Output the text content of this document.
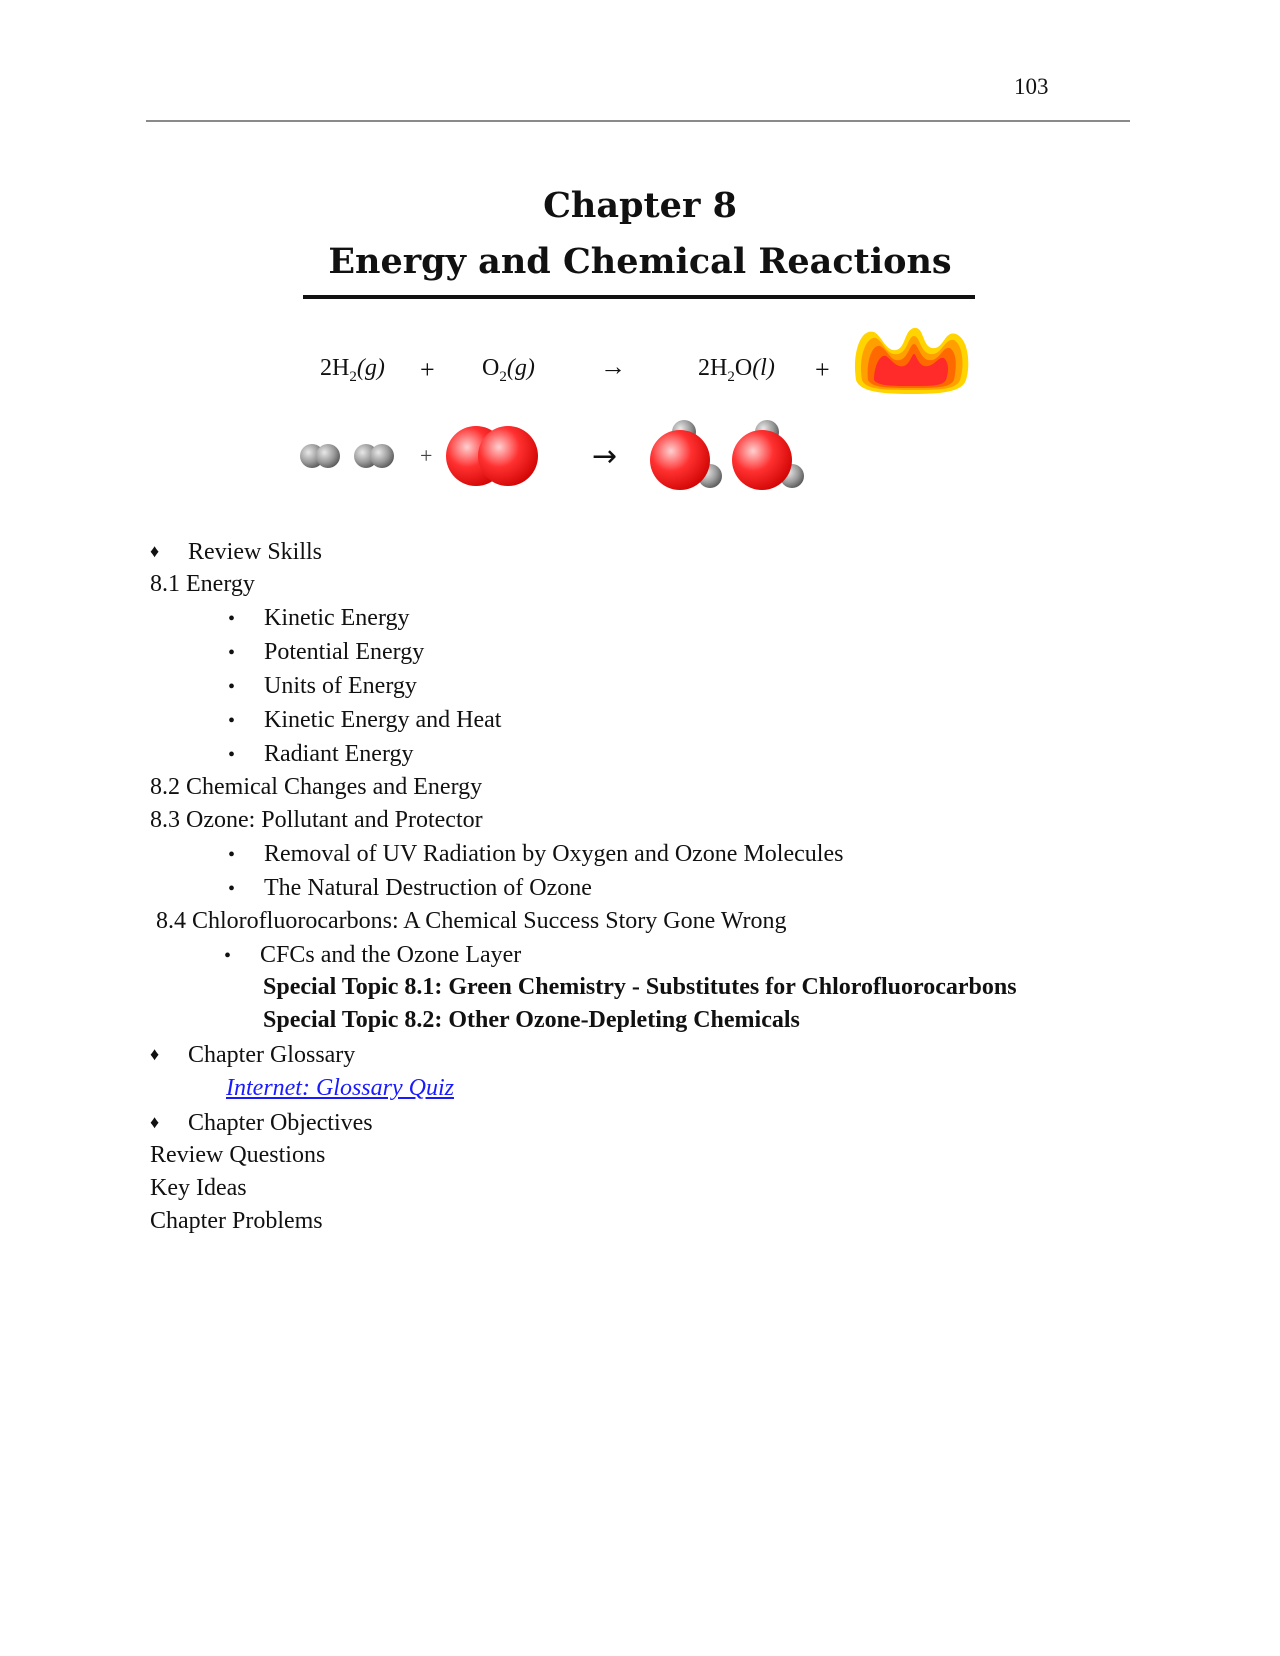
103
Chapter 8
Energy and Chemical Reactions
$2H_2(g) + O_2(g)$	→	$2H_2O(l)$ +
+	→
♦ Review Skills
8.1 Energy
• Kinetic Energy
• Potential Energy
• Units of Energy
• Kinetic Energy and Heat
• Radiant Energy
8.2 Chemical Changes and Energy
8.3 Ozone: Pollutant and Protector
• Removal of UV Radiation by Oxygen and Ozone Molecules
• The Natural Destruction of Ozone
8.4 Chlorofluorocarbons: A Chemical Success Story Gone Wrong
• CFCs and the Ozone Layer
Special Topic 8.1: Green Chemistry - Substitutes for Chlorofluorocarbons
Special Topic 8.2: Other Ozone-Depleting Chemicals
♦ Chapter Glossary
Internet: Glossary Quiz
♦ Chapter Objectives
Review Questions
Key Ideas
Chapter Problems
